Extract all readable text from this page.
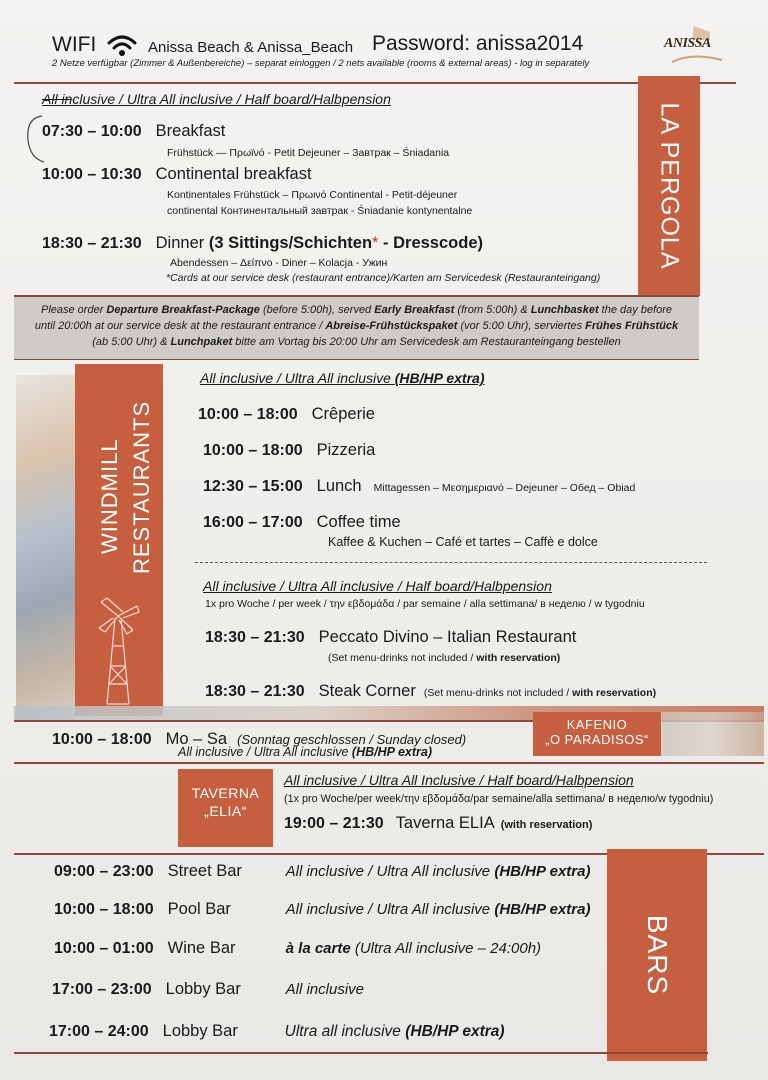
WIFI	Anissa Beach & Anissa_Beach Password: anissa2014
2 Netze verfügbar (Zimmer & Außenbereiche) – separat einloggen / 2 nets available (rooms & external areas) - log in separately
ANISSA
LA PERGOLA
All inclusive / Ultra All inclusive / Half board/Halbpension
07:30 – 10:00 Breakfast
Frühstück — Πρωϊνό - Petit Dejeuner – Завтрак – Śniadania
10:00 – 10:30 Continental breakfast
Kontinentales Frühstück – Πρωινό Continental - Petit-déjeuner
continental Континентальный завтрак - Śniadanie kontynentalne
18:30 – 21:30 Dinner (3 Sittings/Schichten* - Dresscode)
Abendessen – Δείπνο - Diner – Kolacja - Ужин
*Cards at our service desk (restaurant entrance)/Karten am Servicedesk (Restauranteingang)
Please order Departure Breakfast-Package (before 5:00h), served Early Breakfast (from 5:00h) & Lunchbasket the day before
until 20:00h at our service desk at the restaurant entrance / Abreise-Frühstückspaket (vor 5:00 Uhr), serviertes Frühes Frühstück
(ab 5:00 Uhr) & Lunchpaket bitte am Vortag bis 20:00 Uhr am Servicedesk am Restauranteingang bestellen
WINDMILL RESTAURANTS
All inclusive / Ultra All inclusive (HB/HP extra)
10:00 – 18:00 Crêperie
10:00 – 18:00 Pizzeria
12:30 – 15:00 Lunch Mittagessen – Μεσημεριανό – Dejeuner – Обед – Obiad
16:00 – 17:00 Coffee time
Kaffee & Kuchen – Café et tartes – Caffè e dolce
All inclusive / Ultra All inclusive / Half board/Halbpension
1x pro Woche / per week / την εβδομάδα / par semaine / alla settimana/ в неделю / w tygodniu
18:30 – 21:30 Peccato Divino – Italian Restaurant
(Set menu-drinks not included / with reservation)
18:30 – 21:30 Steak Corner (Set menu-drinks not included / with reservation)
10:00 – 18:00 Mo – Sa (Sonntag geschlossen / Sunday closed)
All inclusive / Ultra All inclusive (HB/HP extra)
KAFENIO
„O PARADISOS“
TAVERNA
„ELIA“
All inclusive / Ultra All Inclusive / Half board/Halbpension
(1x pro Woche/per week/την εβδομάδα/par semaine/alla settimana/ в неделю/w tygodniu)
19:00 – 21:30 Taverna ELIA (with reservation)
BARS
09:00 – 23:00 Street Bar	All inclusive / Ultra All inclusive (HB/HP extra)
10:00 – 18:00 Pool Bar	All inclusive / Ultra All inclusive (HB/HP extra)
10:00 – 01:00 Wine Bar	à la carte (Ultra All inclusive – 24:00h)
17:00 – 23:00 Lobby Bar	All inclusive
17:00 – 24:00 Lobby Bar	Ultra all inclusive (HB/HP extra)
